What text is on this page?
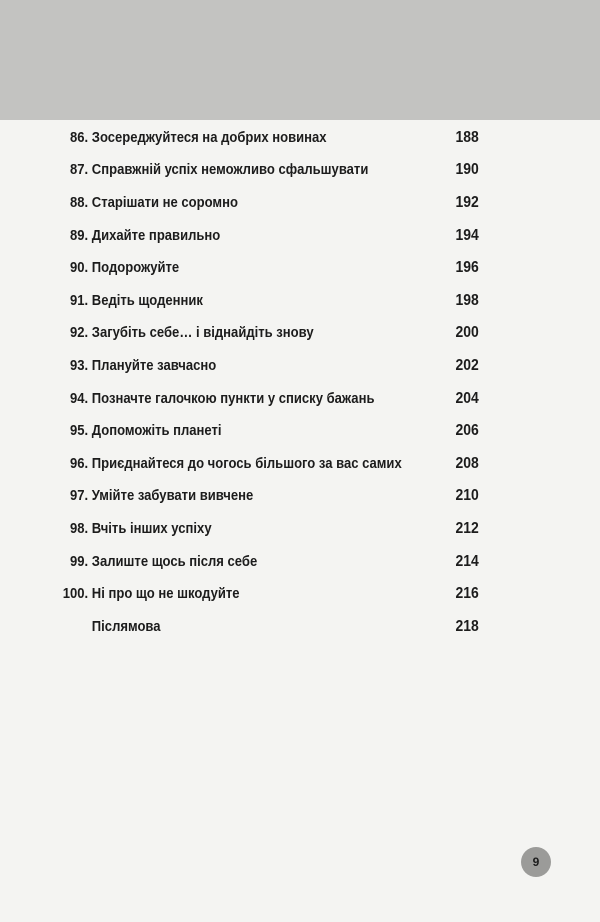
86. Зосереджуйтеся на добрих новинах	188
87. Справжній успіх неможливо сфальшувати	190
88. Старішати не соромно	192
89. Дихайте правильно	194
90. Подорожуйте	196
91. Ведіть щоденник	198
92. Загубіть себе… і віднайдіть знову	200
93. Плануйте завчасно	202
94. Позначте галочкою пункти у списку бажань	204
95. Допоможіть планеті	206
96. Приєднайтеся до чогось більшого за вас самих	208
97. Умійте забувати вивчене	210
98. Вчіть інших успіху	212
99. Залиште щось після себе	214
100. Ні про що не шкодуйте	216
Післямова	218
9
